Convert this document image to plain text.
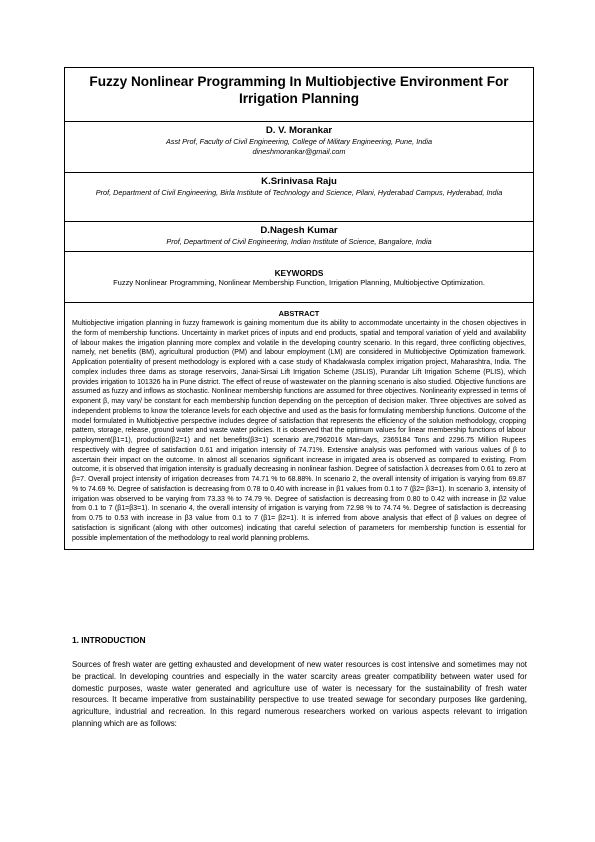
Fuzzy Nonlinear Programming In Multiobjective Environment For Irrigation Planning
D. V. Morankar
Asst Prof, Faculty of Civil Engineering, College of Military Engineering, Pune, India
dineshmorankar@gmail.com
K.Srinivasa Raju
Prof, Department of Civil Engineering, Birla Institute of Technology and Science, Pilani, Hyderabad Campus, Hyderabad, India
D.Nagesh Kumar
Prof, Department of Civil Engineering, Indian Institute of Science, Bangalore, India
KEYWORDS
Fuzzy Nonlinear Programming, Nonlinear Membership Function, Irrigation Planning, Multiobjective Optimization.
ABSTRACT
Multiobjective irrigation planning in fuzzy framework is gaining momentum due its ability to accommodate uncertainty in the chosen objectives in the form of membership functions. Uncertainty in market prices of inputs and end products, spatial and temporal variation of yield and availability of labour makes the irrigation planning more complex and volatile in the developing country scenario. In this regard, three conflicting objectives, namely, net benefits (BM), agricultural production (PM) and labour employment (LM) are considered in Multiobjective Optimization framework. Application potentiality of present methodology is explored with a case study of Khadakwasla complex irrigation project, Maharashtra, India. The complex includes three dams as storage reservoirs, Janai-Sirsai Lift Irrigation Scheme (JSLIS), Purandar Lift Irrigation Scheme (PLIS), which provides irrigation to 101326 ha in Pune district. The effect of reuse of wastewater on the planning scenario is also studied. Objective functions are assumed as fuzzy and inflows as stochastic. Nonlinear membership functions are assumed for three objectives. Nonlinearity expressed in terms of exponent β, may vary/ be constant for each membership function depending on the perception of decision maker. Three objectives are solved as independent problems to know the tolerance levels for each objective and used as the basis for formulating membership functions. Outcome of the model formulated in Multiobjective perspective includes degree of satisfaction that represents the efficiency of the solution methodology, cropping pattern, storage, release, ground water and waste water policies. It is observed that the optimum values for linear membership functions of labour employment(β1=1), production(β2=1) and net benefits(β3=1) scenario are,7962016 Man-days, 2365184 Tons and 2296.75 Million Rupees respectively with degree of satisfaction 0.61 and irrigation intensity of 74.71%. Extensive analysis was performed with various values of β to ascertain their impact on the outcome. In almost all scenarios significant increase in irrigated area is observed as compared to existing. From outcome, it is observed that irrigation intensity is gradually decreasing in nonlinear fashion. Degree of satisfaction λ decreases from 0.61 to zero at β=7. Overall project intensity of irrigation decreases from 74.71 % to 68.88%. In scenario 2, the overall intensity of irrigation is varying from 69.87 % to 74.69 %. Degree of satisfaction is decreasing from 0.78 to 0.40 with increase in β1 values from 0.1 to 7 (β2= β3=1). In scenario 3, intensity of irrigation was observed to be varying from 73.33 % to 74.79 %. Degree of satisfaction is decreasing from 0.80 to 0.42 with increase in β2 value from 0.1 to 7 (β1=β3=1). In scenario 4, the overall intensity of irrigation is varying from 72.98 % to 74.74 %. Degree of satisfaction is decreasing from 0.75 to 0.53 with increase in β3 value from 0.1 to 7 (β1= β2=1). It is inferred from above analysis that effect of β values on degree of satisfaction is significant (along with other outcomes) indicating that careful selection of parameters for membership function is essential for possible implementation of the methodology to real world planning problems.
1. INTRODUCTION
Sources of fresh water are getting exhausted and development of new water resources is cost intensive and sometimes may not be practical. In developing countries and especially in the water scarcity areas greater compatibility between water used for domestic purposes, waste water generated and agriculture use of water is necessary for the sustainability of fresh water resources. It became imperative from sustainability perspective to use treated sewage for secondary purposes like gardening, agriculture, industrial and recreation. In this regard numerous researchers worked on various aspects relevant to irrigation planning which are as follows:
